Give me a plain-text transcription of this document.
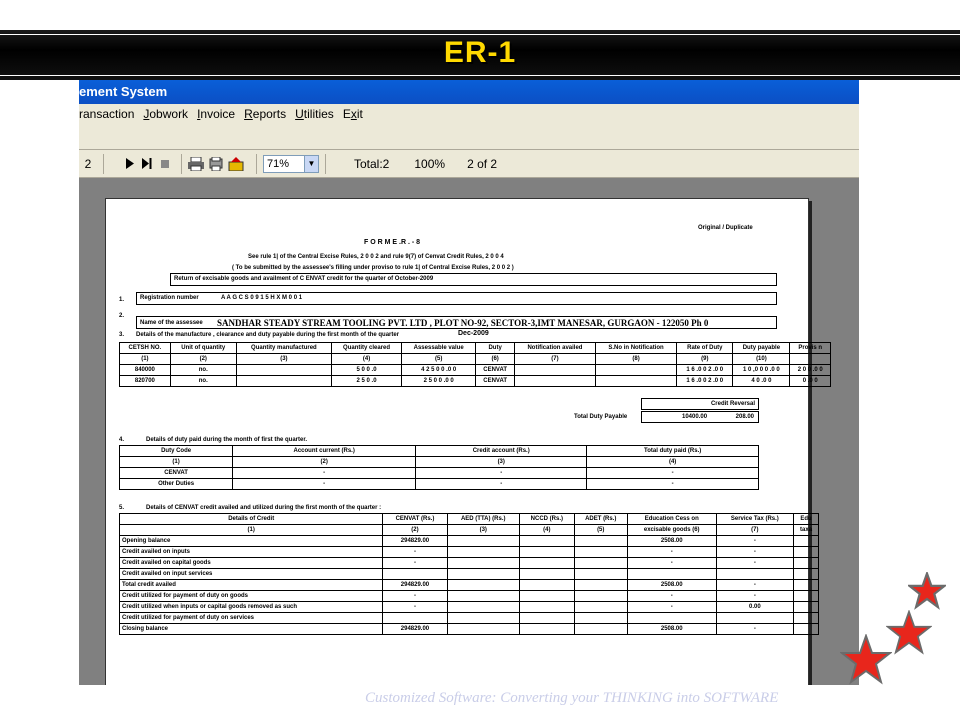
ER-1
ement System
ransaction Jobwork Invoice Reports Utilities Exit
2	71%	▼	Total:2 100% 2 of 2
Original / Duplicate
F O R M E .R . - 8
See rule 1| of the Central Excise Rules, 2 0 0 2 and rule 9(7) of Cenvat Credit Rules, 2 0 0 4
( To be submitted by the assessee's filling under proviso to rule 1| of Central Excise Rules, 2 0 0 2 )
Return of excisable goods and availment of C ENVAT credit for the quarter of October-2009
1.	Registration number	A A G C S 0 9 1 5 H X M 0 0 1
2.
Name of the assessee SANDHAR STEADY STREAM TOOLING PVT. LTD , PLOT NO-92, SECTOR-3,IMT MANESAR, GURGAON - 122050 Ph 0
3. Details of the manufacture , clearance and duty payable during the first month of the quarter	Dec-2009
CETSH NO.	Unit of quantity	Quantity manufactured	Quantity cleared	Assessable value	Duty	Notification availed	S.No in Notification	Rate of Duty	Duty payable	Provis n
(1)	(2)	(3)	(4)	(5)	(6)	(7)	(8)	(9)	(10)	
840000	no.		5 0 0 .0	4 2 5 0 0 .0 0	CENVAT			1 6 .0 0 2 .0 0	1 0 ,0 0 0 .0 0	2 0 0 .0 0
820700	no.		2 5 0 .0	2 5 0 0 .0 0	CENVAT			1 6 .0 0 2 .0 0	4 0 .0 0	0 .0 0
Credit Reversal
Total Duty Payable	10400.00	208.00
4.	Details of duty paid during the month of first the quarter.
Duty Code	Account current (Rs.)	Credit account (Rs.)	Total duty paid (Rs.)
(1)	(2)	(3)	(4)
CENVAT	-	-	-
Other Duties	-	-	-
5.	Details of CENVAT credit availed and utilized during the first month of the quarter :
Details of Credit	CENVAT (Rs.)	AED (TTA) (Rs.)	NCCD (Rs.)	ADET (Rs.)	Education Cess on	Service Tax (Rs.)	Edu
(1)	(2)	(3)	(4)	(5)	excisable goods (6)	(7)	taxa
Opening balance	294829.00				2508.00	-	
Credit availed on inputs	-				-	-	
Credit availed on capital goods	-				-	-	
Credit availed on input services							
Total credit availed	294829.00				2508.00	-	
Credit utilized for payment of duty on goods	-				-	-	
Credit utilized when inputs or capital goods removed as such	-				-	0.00	
Credit utilized for payment of duty on services							
Closing balance	294829.00				2508.00	-	
Customized Software: Converting your THINKING into SOFTWARE
